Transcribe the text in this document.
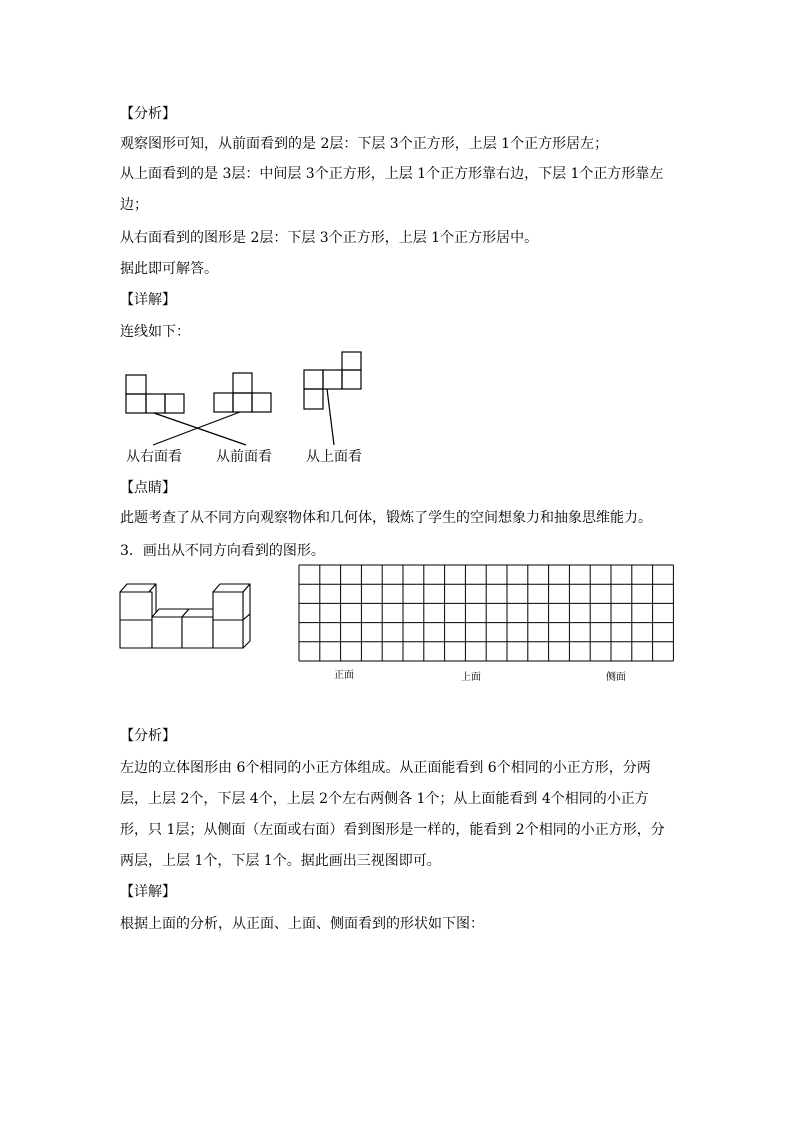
【分析】
观察图形可知，从前面看到的是 2层：下层 3个正方形，上层 1个正方形居左；
从上面看到的是 3层：中间层 3个正方形，上层 1个正方形靠右边，下层 1个正方形靠左
边；
从右面看到的图形是 2层：下层 3个正方形，上层 1个正方形居中。
据此即可解答。
【详解】
连线如下：
从右面看 从前面看 从上面看
【点睛】
此题考查了从不同方向观察物体和几何体，锻炼了学生的空间想象力和抽象思维能力。
3．画出从不同方向看到的图形。
正面	上面	侧面
【分析】
左边的立体图形由 6个相同的小正方体组成。从正面能看到 6个相同的小正方形，分两
层，上层 2个，下层 4个，上层 2个左右两侧各 1个；从上面能看到 4个相同的小正方
形，只 1层；从侧面（左面或右面）看到图形是一样的，能看到 2个相同的小正方形，分
两层，上层 1个，下层 1个。据此画出三视图即可。
【详解】
根据上面的分析，从正面、上面、侧面看到的形状如下图：
